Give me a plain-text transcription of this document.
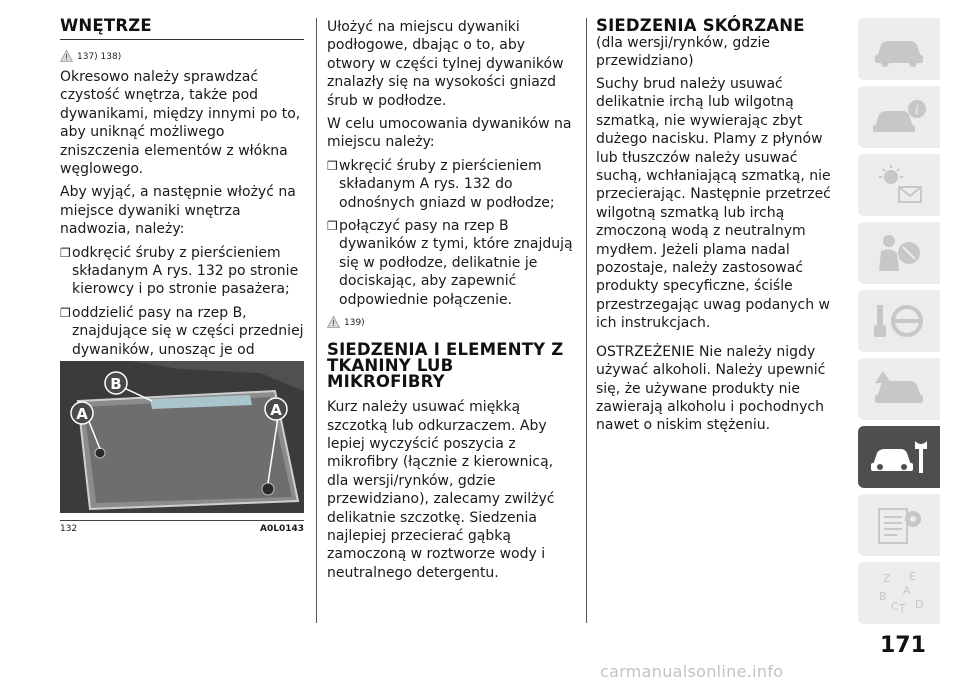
WNĘTRZE
137) 138)

Okresowo należy sprawdzać czystość wnętrza, także pod dywanikami, między innymi po to, aby uniknąć możliwego zniszczenia elementów z włókna węglowego.

Aby wyjąć, a następnie włożyć na miejsce dywaniki wnętrza nadwozia, należy:

❒ odkręcić śruby z pierścieniem składanym A rys. 132 po stronie kierowcy i po stronie pasażera;
❒ oddzielić pasy na rzep B, znajdujące się w części przedniej dywaników, unosząc je od
A	A
B
132	A0L0143

Ułożyć na miejscu dywaniki podłogowe, dbając o to, aby otwory w części tylnej dywaników znalazły się na wysokości gniazd śrub w podłodze.

W celu umocowania dywaników na miejscu należy:

❒ wkręcić śruby z pierścieniem składanym A rys. 132 do odnośnych gniazd w podłodze;
❒ połączyć pasy na rzep B dywaników z tymi, które znajdują się w podłodze, delikatnie je dociskając, aby zapewnić odpowiednie połączenie.
139)
SIEDZENIA I ELEMENTY Z TKANINY LUB MIKROFIBRY

Kurz należy usuwać miękką szczotką lub odkurzaczem. Aby lepiej wyczyścić poszycia z mikrofibry (łącznie z kierownicą, dla wersji/rynków, gdzie przewidziano), zalecamy zwilżyć delikatnie szczotkę. Siedzenia najlepiej przecierać gąbką zamoczoną w roztworze wody i neutralnego detergentu.

SIEDZENIA SKÓRZANE
(dla wersji/rynków, gdzie przewidziano)

Suchy brud należy usuwać delikatnie irchą lub wilgotną szmatką, nie wywierając zbyt dużego nacisku. Plamy z płynów lub tłuszczów należy usuwać suchą, wchłaniającą szmatką, nie przecierając. Następnie przetrzeć wilgotną szmatką lub irchą zmoczoną wodą z neutralnym mydłem. Jeżeli plama nadal pozostaje, należy zastosować produkty specyficzne, ściśle przestrzegając uwag podanych w ich instrukcjach.

OSTRZEŻENIE Nie należy nigdy używać alkoholi. Należy upewnić się, że używane produkty nie zawierają alkoholu i pochodnych nawet o niskim stężeniu.

i
Z E
A
B
C T D
171
carmanualsonline.info
